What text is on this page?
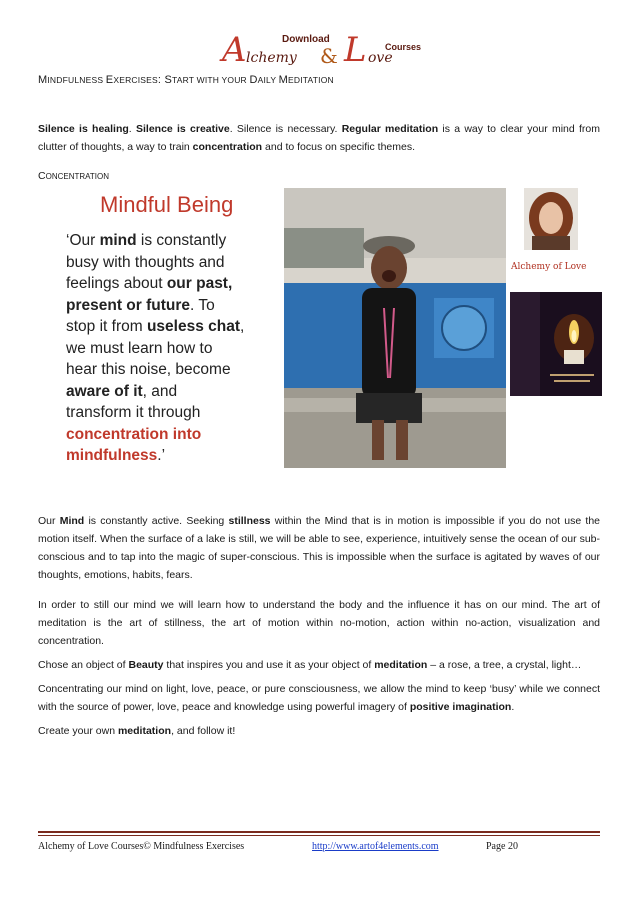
Download
Courses
A lchemy & L ove
MINDFULNESS EXERCISES: START WITH YOUR DAILY MEDITATION
Silence is healing. Silence is creative. Silence is necessary. Regular meditation is a way to clear your mind from clutter of thoughts, a way to train concentration and to focus on specific themes.
CONCENTRATION
Mindful Being
‘Our mind is constantly
busy with thoughts and
feelings about our past,
present or future. To
stop it from useless chat,
we must learn how to
hear this noise, become
aware of it, and
transform it through
concentration into
mindfulness.’
Alchemy of Love
Our Mind is constantly active. Seeking stillness within the Mind that is in motion is impossible if you do not use the motion itself. When the surface of a lake is still, we will be able to see, experience, intuitively sense the ocean of our sub-conscious and to tap into the magic of super-conscious. This is impossible when the surface is agitated by waves of our thoughts, emotions, habits, fears.
In order to still our mind we will learn how to understand the body and the influence it has on our mind. The art of meditation is the art of stillness, the art of motion within no-motion, action within no-action, visualization and concentration.
Chose an object of Beauty that inspires you and use it as your object of meditation – a rose, a tree, a crystal, light…
Concentrating our mind on light, love, peace, or pure consciousness, we allow the mind to keep ‘busy’ while we connect with the source of power, love, peace and knowledge using powerful imagery of positive imagination.
Create your own meditation, and follow it!
Alchemy of Love Courses© Mindfulness Exercises	http://www.artof4elements.com	Page 20
